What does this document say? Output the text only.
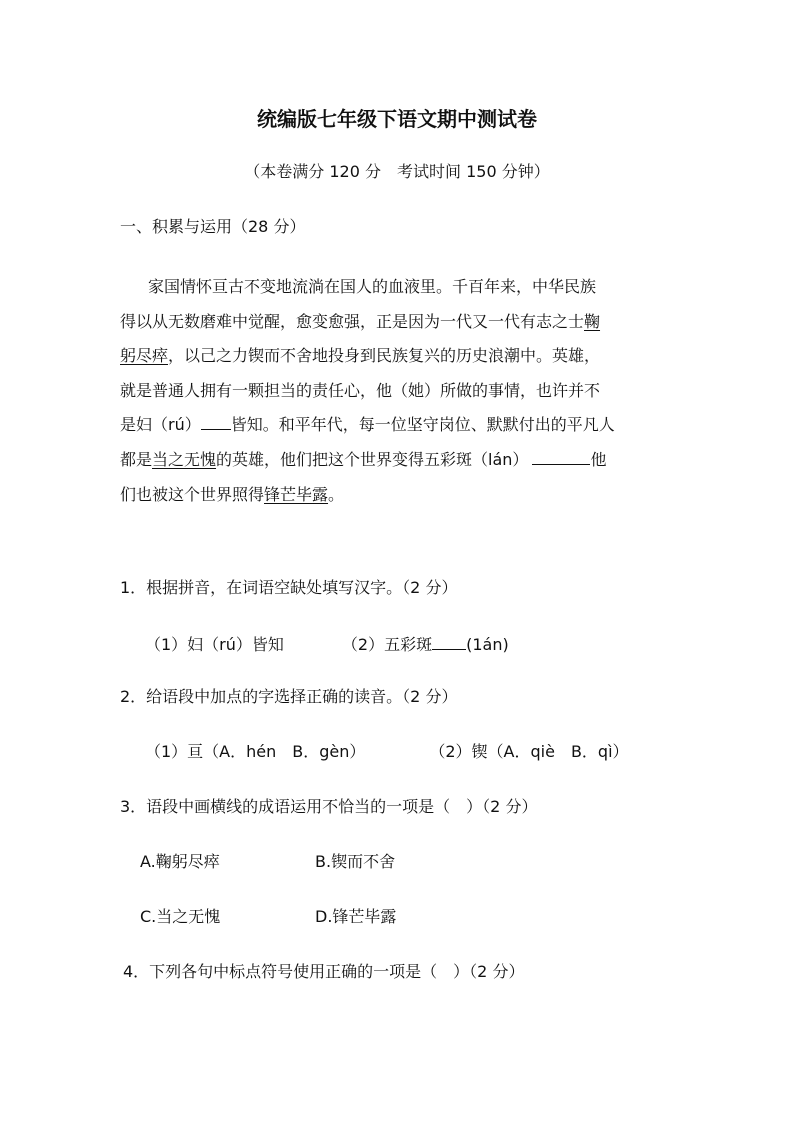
统编版七年级下语文期中测试卷
（本卷满分 120 分　考试时间 150 分钟）
一、积累与运用（28 分）
家国情怀亘古不变地流淌在国人的血液里。千百年来，中华民族
得以从无数磨难中觉醒，愈变愈强，正是因为一代又一代有志之士鞠
躬尽瘁，以己之力锲而不舍地投身到民族复兴的历史浪潮中。英雄，
就是普通人拥有一颗担当的责任心，他（她）所做的事情，也许并不
是妇（rú） 皆知。和平年代，每一位坚守岗位、默默付出的平凡人
都是当之无愧的英雄，他们把这个世界变得五彩斑（lán）	他
们也被这个世界照得锋芒毕露。
1．根据拼音，在词语空缺处填写汉字。（2 分）
（1）妇（rú）皆知	（2）五彩斑 (1án)
2．给语段中加点的字选择正确的读音。（2 分）
（1）亘（A．hén　B．gèn）	（2）锲（A．qiè　B．qì）
3．语段中画横线的成语运用不恰当的一项是（　）（2 分）
A.鞠躬尽瘁	B.锲而不舍
C.当之无愧	D.锋芒毕露
4．下列各句中标点符号使用正确的一项是（　）（2 分）
